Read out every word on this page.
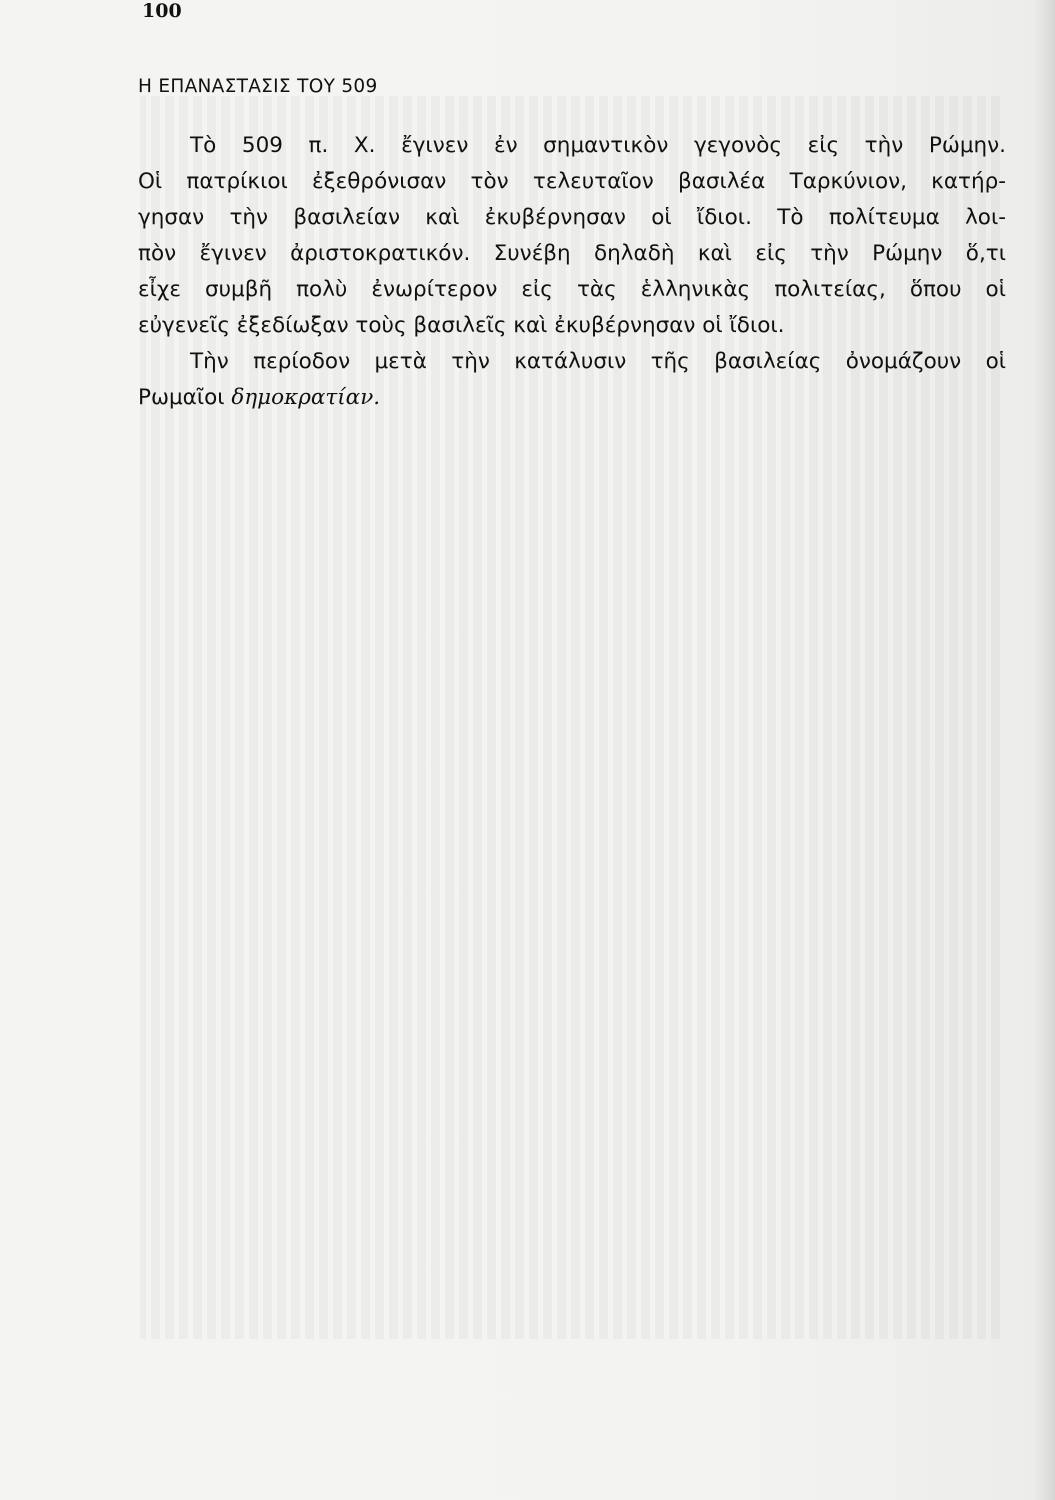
100
Η ΕΠΑΝΑΣΤΑΣΙΣ ΤΟΥ 509

Τὸ 509 π. Χ. ἔγινεν ἐν σημαντικὸν γεγονὸς εἰς τὴν Ρώμην.
Οἱ πατρίκιοι ἐξεθρόνισαν τὸν τελευταῖον βασιλέα Ταρκύνιον, κατήρ-
γησαν τὴν βασιλείαν καὶ ἐκυβέρνησαν οἱ ἴδιοι. Τὸ πολίτευμα λοι-
πὸν ἔγινεν ἀριστοκρατικόν. Συνέβη δηλαδὴ καὶ εἰς τὴν Ρώμην ὅ,τι
εἶχε συμβῆ πολὺ ἐνωρίτερον εἰς τὰς ἑλληνικὰς πολιτείας, ὅπου οἱ
εὐγενεῖς ἐξεδίωξαν τοὺς βασιλεῖς καὶ ἐκυβέρνησαν οἱ ἴδιοι.

Τὴν περίοδον μετὰ τὴν κατάλυσιν τῆς βασιλείας ὀνομάζουν οἱ
Ρωμαῖοι δημοκρατίαν.
